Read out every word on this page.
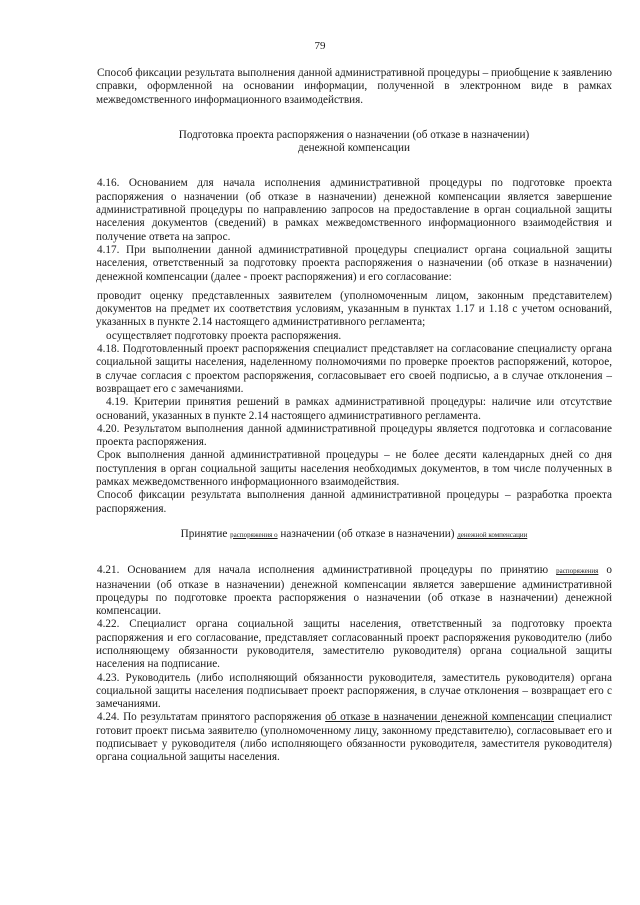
79

Способ фиксации результата выполнения данной административной процедуры – приобщение к заявлению справки, оформленной на основании информации, полученной в электронном виде в рамках межведомственного информационного взаимодействия.

Подготовка проекта распоряжения о назначении (об отказе в назначении)

денежной компенсации

4.16. Основанием для начала исполнения административной процедуры по подготовке проекта распоряжения о назначении (об отказе в назначении) денежной компенсации является завершение административной процедуры по направлению запросов на предоставление в орган социальной защиты населения документов (сведений) в рамках межведомственного информационного взаимодействия и получение ответа на запрос.

4.17. При выполнении данной административной процедуры специалист органа социальной защиты населения, ответственный за подготовку проекта распоряжения о назначении (об отказе в назначении) денежной компенсации (далее - проект распоряжения) и его согласование:

проводит оценку представленных заявителем (уполномоченным лицом, законным представителем) документов на предмет их соответствия условиям, указанным в пунктах 1.17 и 1.18 с учетом оснований, указанных в пункте 2.14 настоящего административного регламента;

осуществляет подготовку проекта распоряжения.

4.18. Подготовленный проект распоряжения специалист представляет на согласование специалисту органа социальной защиты населения, наделенному полномочиями по проверке проектов распоряжений, которое, в случае согласия с проектом распоряжения, согласовывает его своей подписью, а в случае отклонения – возвращает его с замечаниями.

4.19. Критерии принятия решений в рамках административной процедуры: наличие или отсутствие оснований, указанных в пункте 2.14 настоящего административного регламента.

4.20. Результатом выполнения данной административной процедуры является подготовка и согласование проекта распоряжения.

Срок выполнения данной административной процедуры – не более десяти календарных дней со дня поступления в орган социальной защиты населения необходимых документов, в том числе полученных в рамках межведомственного информационного взаимодействия.

Способ фиксации результата выполнения данной административной процедуры – разработка проекта распоряжения.

Принятие распоряжения о назначении (об отказе в назначении) денежной компенсации

4.21. Основанием для начала исполнения административной процедуры по принятию распоряжения о назначении (об отказе в назначении) денежной компенсации является завершение административной процедуры по подготовке проекта распоряжения о назначении (об отказе в назначении) денежной компенсации.

4.22. Специалист органа социальной защиты населения, ответственный за подготовку проекта распоряжения и его согласование, представляет согласованный проект распоряжения руководителю (либо исполняющему обязанности руководителя, заместителю руководителя) органа социальной защиты населения на подписание.

4.23. Руководитель (либо исполняющий обязанности руководителя, заместитель руководителя) органа социальной защиты населения подписывает проект распоряжения, в случае отклонения – возвращает его с замечаниями.

4.24. По результатам принятого распоряжения об отказе в назначении денежной компенсации специалист готовит проект письма заявителю (уполномоченному лицу, законному представителю), согласовывает его и подписывает у руководителя (либо исполняющего обязанности руководителя, заместителя руководителя) органа социальной защиты населения.
